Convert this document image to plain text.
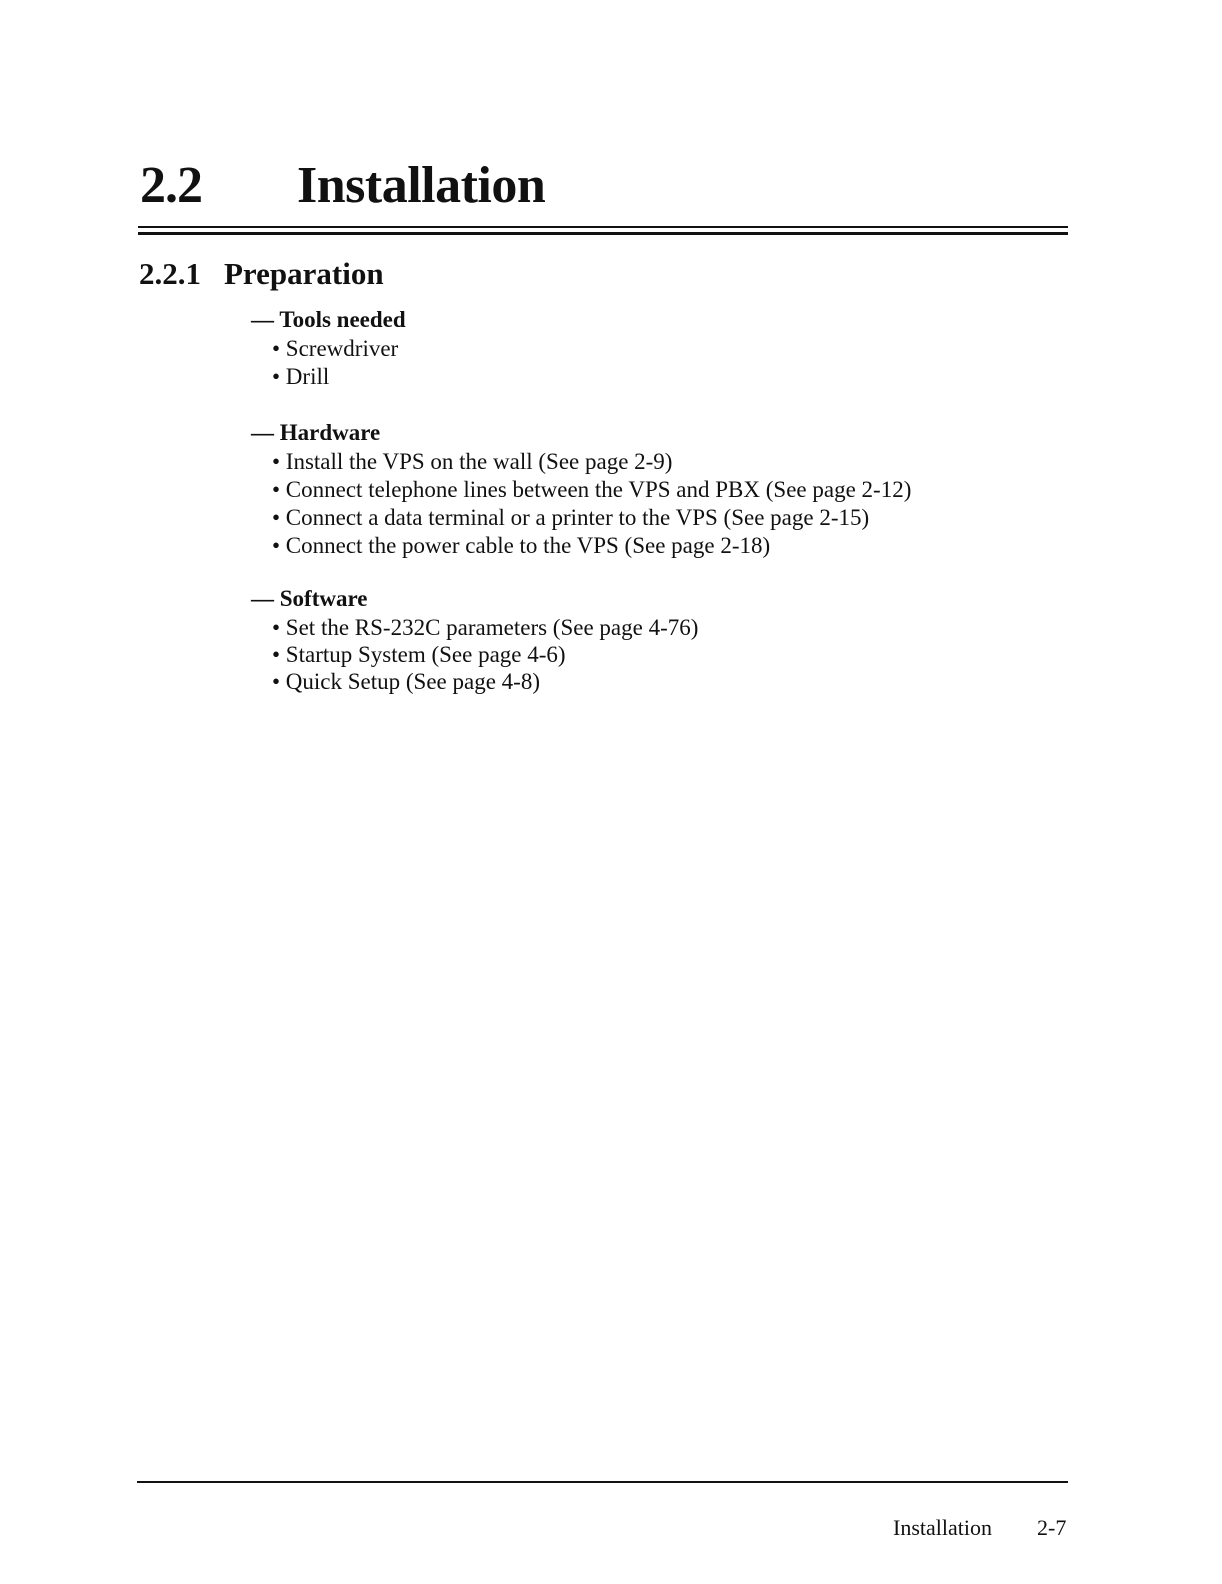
2.2 Installation
2.2.1 Preparation
— Tools needed
• Screwdriver
• Drill
— Hardware
• Install the VPS on the wall (See page 2-9)
• Connect telephone lines between the VPS and PBX (See page 2-12)
• Connect a data terminal or a printer to the VPS (See page 2-15)
• Connect the power cable to the VPS (See page 2-18)
— Software
• Set the RS-232C parameters (See page 4-76)
• Startup System (See page 4-6)
• Quick Setup (See page 4-8)
Installation 2-7
